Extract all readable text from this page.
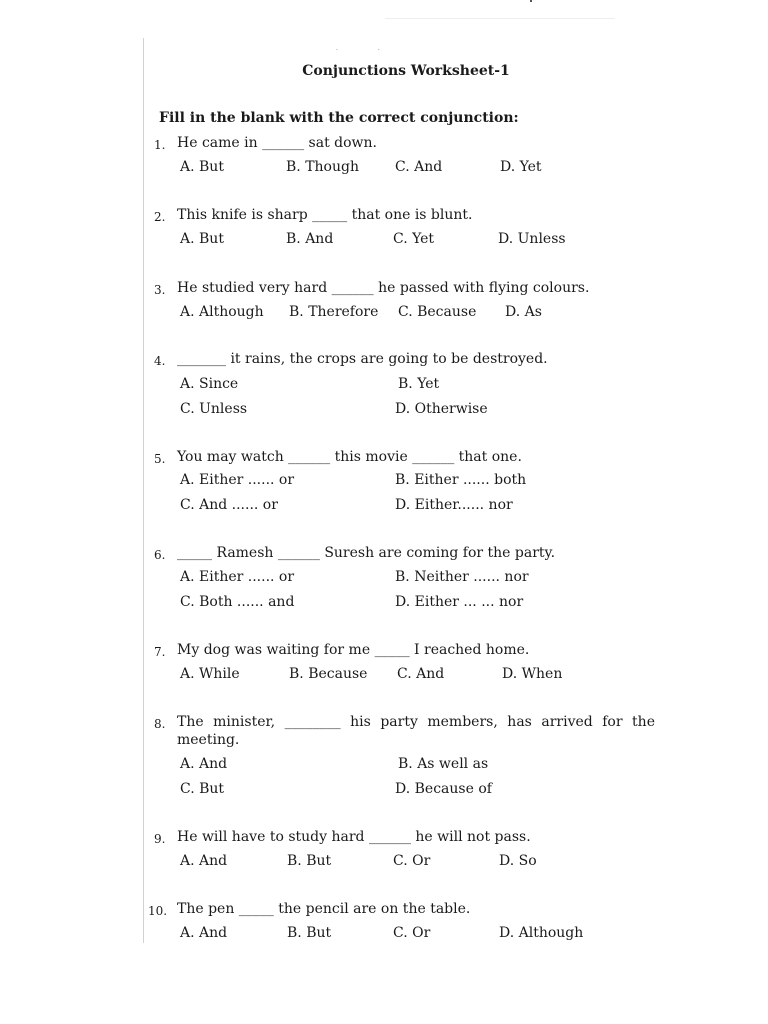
··
Conjunctions Worksheet-1
Fill in the blank with the correct conjunction:
1. He came in ______ sat down.
A. But	B. Though	C. And	D. Yet
2. This knife is sharp _____ that one is blunt.
A. But	B. And	C. Yet	D. Unless
3. He studied very hard ______ he passed with flying colours.
A. Although B. Therefore C. Because D. As
4. _______ it rains, the crops are going to be destroyed.
A. Since	B. Yet
C. Unless	D. Otherwise
5. You may watch ______ this movie ______ that one.
A. Either ...... or	B. Either ...... both
C. And ...... or	D. Either...... nor
6. _____ Ramesh ______ Suresh are coming for the party.
A. Either ...... or	B. Neither ...... nor
C. Both ...... and	D. Either ... ... nor
7. My dog was waiting for me _____ I reached home.
A. While	B. Because C. And	D. When
8. The minister, ________ his party members, has arrived for the meeting.
A. And	B. As well as
C. But	D. Because of
9. He will have to study hard ______ he will not pass.
A. And	B. But	C. Or	D. So
10. The pen _____ the pencil are on the table.
A. And	B. But	C. Or	D. Although
